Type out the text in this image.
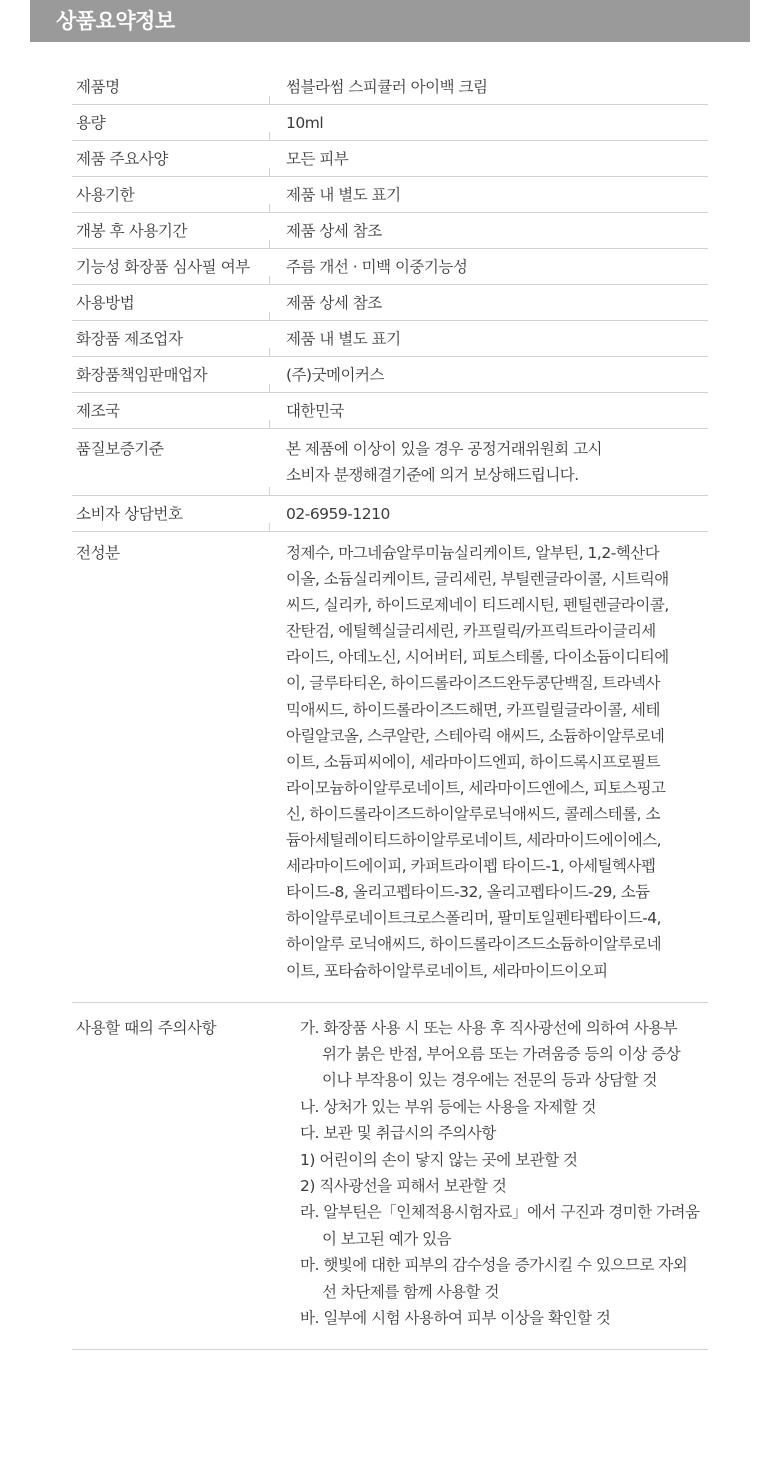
상품요약정보
제품명	썸블라썸 스피큘러 아이백 크림
용량	10ml
제품 주요사양	모든 피부
사용기한	제품 내 별도 표기
개봉 후 사용기간	제품 상세 참조
기능성 화장품 심사필 여부	주름 개선 · 미백 이중기능성
사용방법	제품 상세 참조
화장품 제조업자	제품 내 별도 표기
화장품책임판매업자	(주)굿메이커스
제조국	대한민국
품질보증기준	본 제품에 이상이 있을 경우 공정거래위원회 고시
소비자 분쟁해결기준에 의거 보상해드립니다.
소비자 상담번호	02-6959-1210
전성분	정제수, 마그네슘알루미늄실리케이트, 알부틴, 1,2-헥산다
이올, 소듐실리케이트, 글리세린, 부틸렌글라이콜, 시트릭애
씨드, 실리카, 하이드로제네이 티드레시틴, 펜틸렌글라이콜,
잔탄검, 에틸헥실글리세린, 카프릴릭/카프릭트라이글리세
라이드, 아데노신, 시어버터, 피토스테롤, 다이소듐이디티에
이, 글루타티온, 하이드롤라이즈드완두콩단백질, 트라넥사
믹애씨드, 하이드롤라이즈드해면, 카프릴릴글라이콜, 세테
아릴알코올, 스쿠알란, 스테아릭 애씨드, 소듐하이알루로네
이트, 소듐피씨에이, 세라마이드엔피, 하이드록시프로필트
라이모늄하이알루로네이트, 세라마이드엔에스, 피토스핑고
신, 하이드롤라이즈드하이알루로닉애씨드, 콜레스테롤, 소
듐아세틸레이티드하이알루로네이트, 세라마이드에이에스,
세라마이드에이피, 카퍼트라이펩 타이드-1, 아세틸헥사펩
타이드-8, 올리고펩타이드-32, 올리고펩타이드-29, 소듐
하이알루로네이트크로스폴리머, 팔미토일펜타펩타이드-4,
하이알루 로닉애씨드, 하이드롤라이즈드소듐하이알루로네
이트, 포타슘하이알루로네이트, 세라마이드이오피
사용할 때의 주의사항	가. 화장품 사용 시 또는 사용 후 직사광선에 의하여 사용부
위가 붉은 반점, 부어오름 또는 가려움증 등의 이상 증상
이나 부작용이 있는 경우에는 전문의 등과 상담할 것
나. 상처가 있는 부위 등에는 사용을 자제할 것
다. 보관 및 취급시의 주의사항
1) 어린이의 손이 닿지 않는 곳에 보관할 것
2) 직사광선을 피해서 보관할 것
라. 알부틴은「인체적용시험자료」에서 구진과 경미한 가려움
이 보고된 예가 있음
마. 햇빛에 대한 피부의 감수성을 증가시킬 수 있으므로 자외
선 차단제를 함께 사용할 것
바. 일부에 시험 사용하여 피부 이상을 확인할 것
